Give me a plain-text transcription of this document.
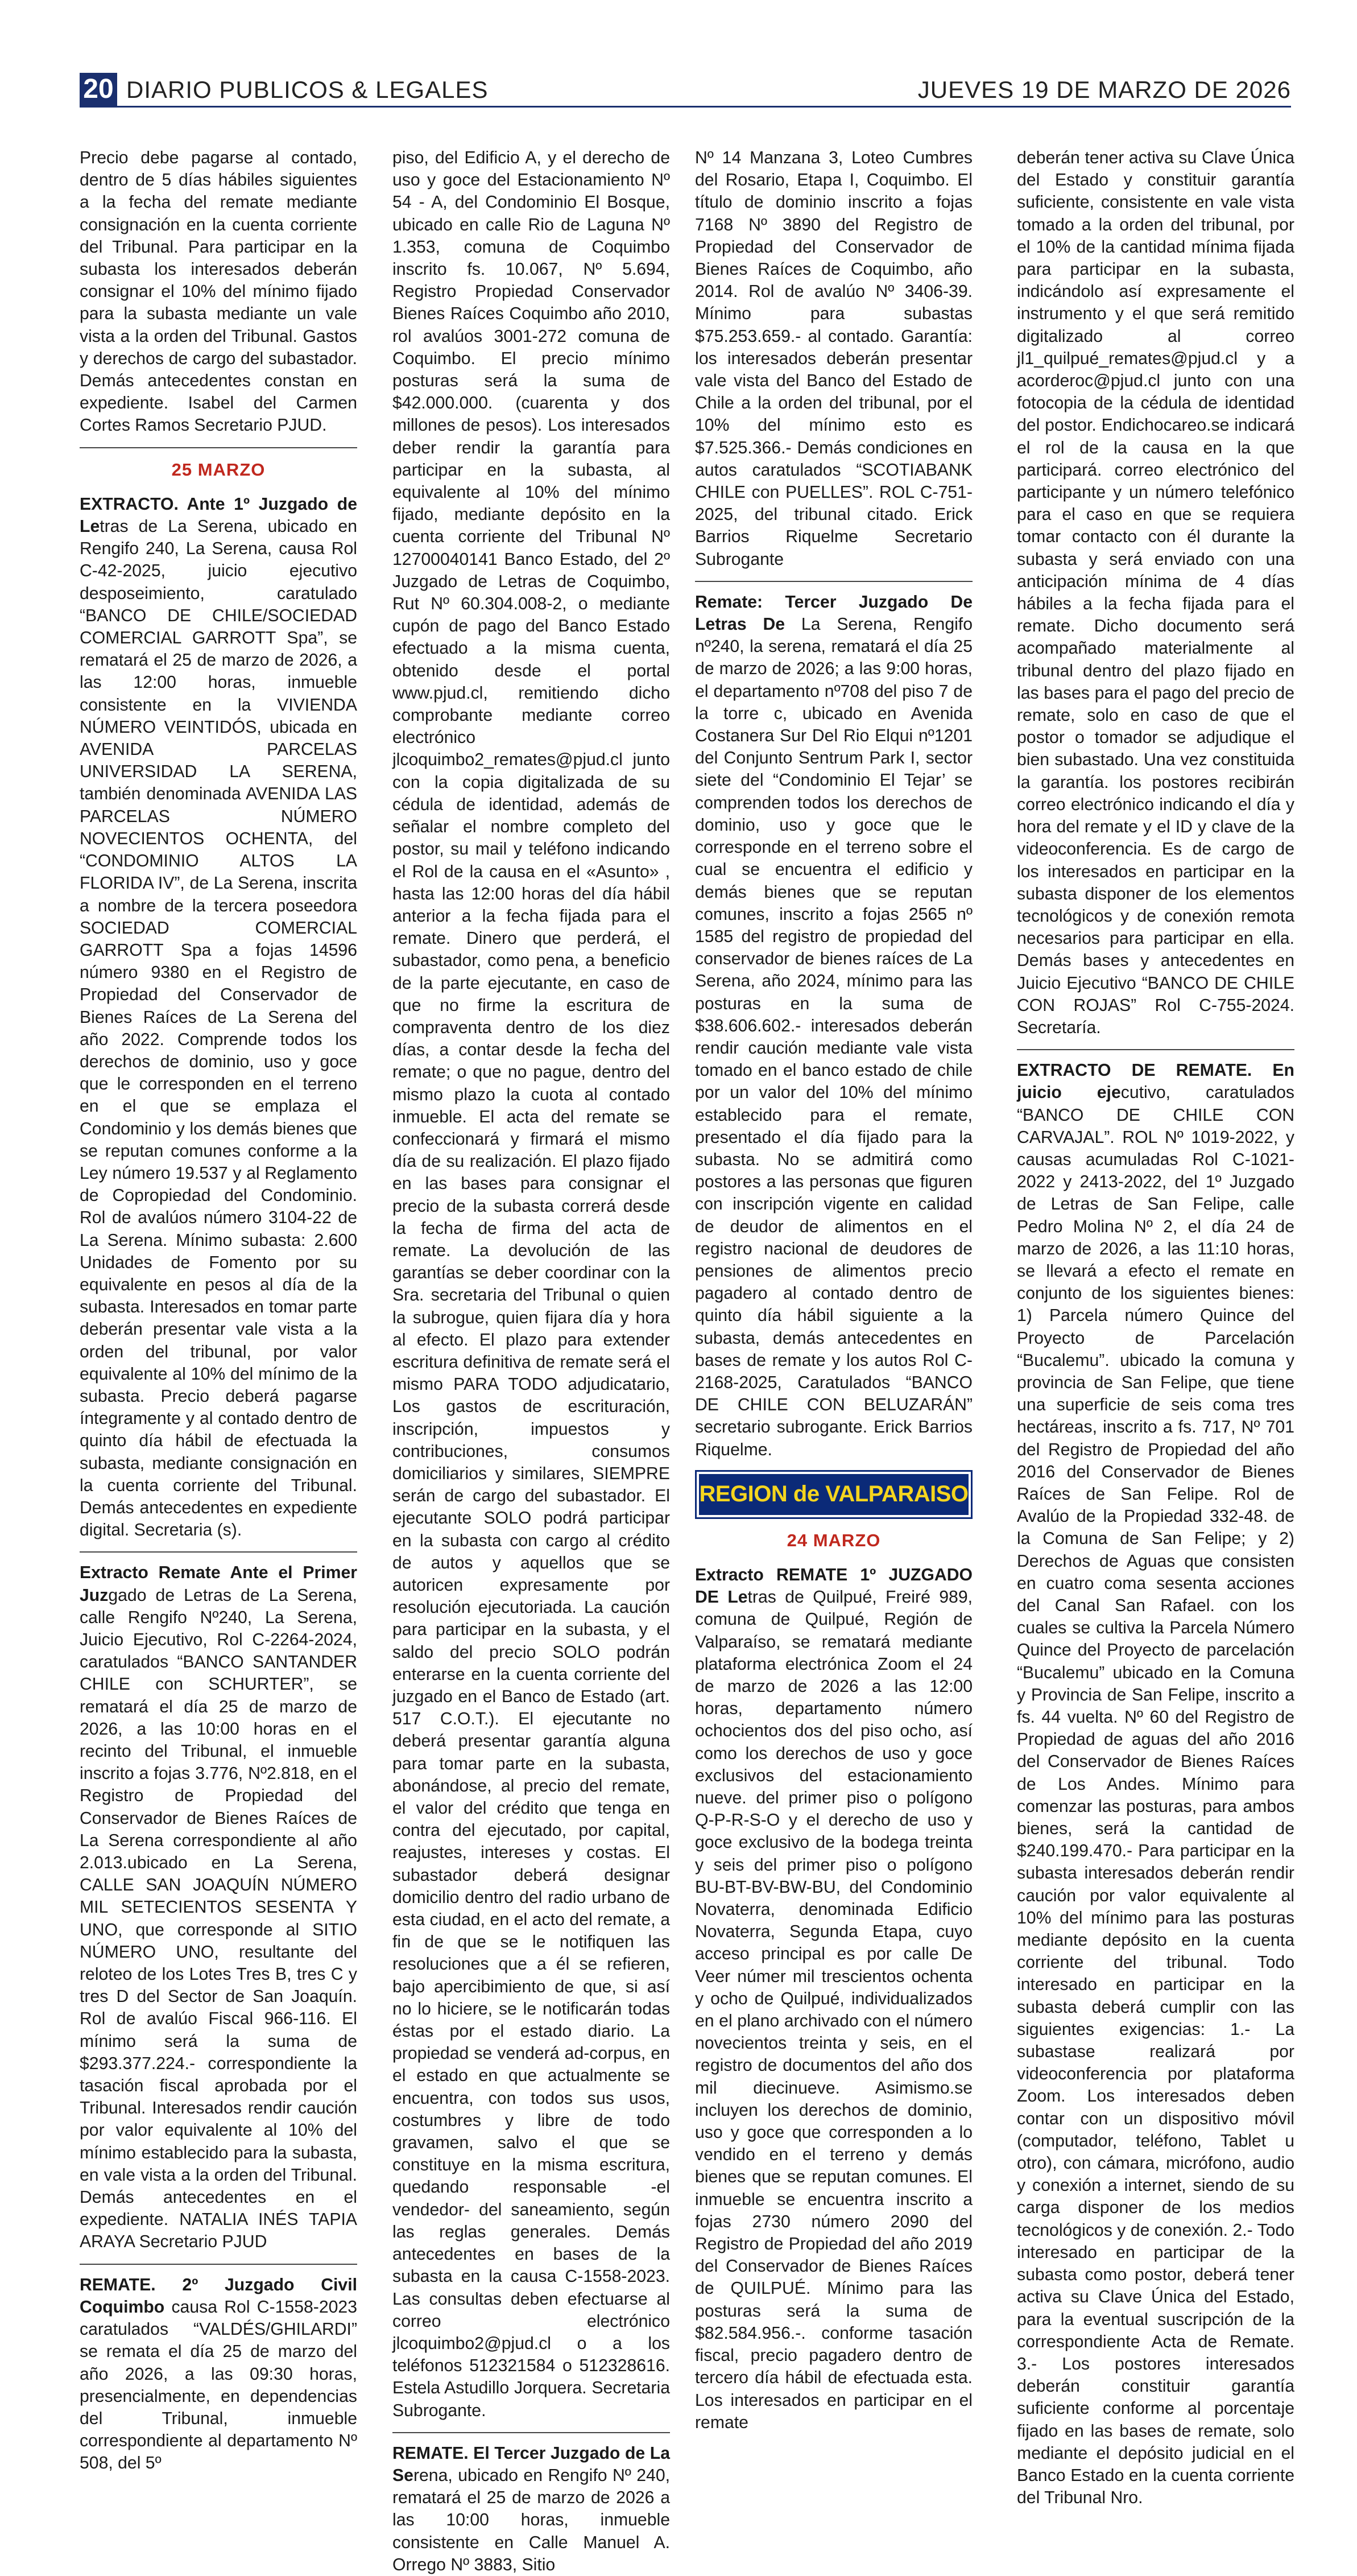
20 DIARIO PUBLICOS & LEGALES	JUEVES 19 DE MARZO DE 2026

Precio debe pagarse al contado, dentro de 5 días hábiles siguientes a la fecha del remate mediante consignación en la cuenta corriente del Tribunal. Para participar en la subasta los interesados deberán consignar el 10% del mínimo fijado para la subasta mediante un vale vista a la orden del Tribunal. Gastos y derechos de cargo del subastador. Demás antecedentes constan en expediente. Isabel del Carmen Cortes Ramos Secretario PJUD.

25 MARZO

EXTRACTO. Ante 1º Juzgado de Letras de La Serena, ubicado en Rengifo 240, La Serena, causa Rol C-42-2025, juicio ejecutivo desposeimiento, caratulado “BANCO DE CHILE/SOCIEDAD COMERCIAL GARROTT Spa”, se rematará el 25 de marzo de 2026, a las 12:00 horas, inmueble consistente en la VIVIENDA NÚMERO VEINTIDÓS, ubicada en AVENIDA PARCELAS UNIVERSIDAD LA SERENA, también denominada AVENIDA LAS PARCELAS NÚMERO NOVECIENTOS OCHENTA, del “CONDOMINIO ALTOS LA FLORIDA IV”, de La Serena, inscrita a nombre de la tercera poseedora SOCIEDAD COMERCIAL GARROTT Spa a fojas 14596 número 9380 en el Registro de Propiedad del Conservador de Bienes Raíces de La Serena del año 2022. Comprende todos los derechos de dominio, uso y goce que le corresponden en el terreno en el que se emplaza el Condominio y los demás bienes que se reputan comunes conforme a la Ley número 19.537 y al Reglamento de Copropiedad del Condominio. Rol de avalúos número 3104-22 de La Serena. Mínimo subasta: 2.600 Unidades de Fomento por su equivalente en pesos al día de la subasta. Interesados en tomar parte deberán presentar vale vista a la orden del tribunal, por valor equivalente al 10% del mínimo de la subasta. Precio deberá pagarse íntegramente y al contado dentro de quinto día hábil de efectuada la subasta, mediante consignación en la cuenta corriente del Tribunal. Demás antecedentes en expediente digital. Secretaria (s).

Extracto Remate Ante el Primer Juzgado de Letras de La Serena, calle Rengifo Nº240, La Serena, Juicio Ejecutivo, Rol C-2264-2024, caratulados “BANCO SANTANDER CHILE con SCHURTER”, se rematará el día 25 de marzo de 2026, a las 10:00 horas en el recinto del Tribunal, el inmueble inscrito a fojas 3.776, Nº2.818, en el Registro de Propiedad del Conservador de Bienes Raíces de La Serena correspondiente al año 2.013.ubicado en La Serena, CALLE SAN JOAQUÍN NÚMERO MIL SETECIENTOS SESENTA Y UNO, que corresponde al SITIO NÚMERO UNO, resultante del reloteo de los Lotes Tres B, tres C y tres D del Sector de San Joaquín. Rol de avalúo Fiscal 966-116. El mínimo será la suma de $293.377.224.- correspondiente la tasación fiscal aprobada por el Tribunal. Interesados rendir caución por valor equivalente al 10% del mínimo establecido para la subasta, en vale vista a la orden del Tribunal. Demás antecedentes en el expediente. NATALIA INÉS TAPIA ARAYA Secretario PJUD

REMATE. 2º Juzgado Civil Coquimbo causa Rol C-1558-2023 caratulados “VALDÉS/GHILARDI” se remata el día 25 de marzo del año 2026, a las 09:30 horas, presencialmente, en dependencias del Tribunal, inmueble correspondiente al departamento Nº 508, del 5º

piso, del Edificio A, y el derecho de uso y goce del Estacionamiento Nº 54 - A, del Condominio El Bosque, ubicado en calle Rio de Laguna Nº 1.353, comuna de Coquimbo inscrito fs. 10.067, Nº 5.694, Registro Propiedad Conservador Bienes Raíces Coquimbo año 2010, rol avalúos 3001-272 comuna de Coquimbo. El precio mínimo posturas será la suma de $42.000.000. (cuarenta y dos millones de pesos). Los interesados deber rendir la garantía para participar en la subasta, al equivalente al 10% del mínimo fijado, mediante depósito en la cuenta corriente del Tribunal Nº 12700040141 Banco Estado, del 2º Juzgado de Letras de Coquimbo, Rut Nº 60.304.008-2, o mediante cupón de pago del Banco Estado efectuado a la misma cuenta, obtenido desde el portal www.pjud.cl, remitiendo dicho comprobante mediante correo electrónico jlcoquimbo2_remates@pjud.cl junto con la copia digitalizada de su cédula de identidad, además de señalar el nombre completo del postor, su mail y teléfono indicando el Rol de la causa en el «Asunto» , hasta las 12:00 horas del día hábil anterior a la fecha fijada para el remate. Dinero que perderá, el subastador, como pena, a beneficio de la parte ejecutante, en caso de que no firme la escritura de compraventa dentro de los diez días, a contar desde la fecha del remate; o que no pague, dentro del mismo plazo la cuota al contado inmueble. El acta del remate se confeccionará y firmará el mismo día de su realización. El plazo fijado en las bases para consignar el precio de la subasta correrá desde la fecha de firma del acta de remate. La devolución de las garantías se deber coordinar con la Sra. secretaria del Tribunal o quien la subrogue, quien fijara día y hora al efecto. El plazo para extender escritura definitiva de remate será el mismo PARA TODO adjudicatario, Los gastos de escrituración, inscripción, impuestos y contribuciones, consumos domiciliarios y similares, SIEMPRE serán de cargo del subastador. El ejecutante SOLO podrá participar en la subasta con cargo al crédito de autos y aquellos que se autoricen expresamente por resolución ejecutoriada. La caución para participar en la subasta, y el saldo del precio SOLO podrán enterarse en la cuenta corriente del juzgado en el Banco de Estado (art. 517 C.O.T.). El ejecutante no deberá presentar garantía alguna para tomar parte en la subasta, abonándose, al precio del remate, el valor del crédito que tenga en contra del ejecutado, por capital, reajustes, intereses y costas. El subastador deberá designar domicilio dentro del radio urbano de esta ciudad, en el acto del remate, a fin de que se le notifiquen las resoluciones que a él se refieren, bajo apercibimiento de que, si así no lo hiciere, se le notificarán todas éstas por el estado diario. La propiedad se venderá ad-corpus, en el estado en que actualmente se encuentra, con todos sus usos, costumbres y libre de todo gravamen, salvo el que se constituye en la misma escritura, quedando responsable -el vendedor- del saneamiento, según las reglas generales. Demás antecedentes en bases de la subasta en la causa C-1558-2023. Las consultas deben efectuarse al correo electrónico jlcoquimbo2@pjud.cl o a los teléfonos 512321584 o 512328616. Estela Astudillo Jorquera. Secretaria Subrogante.

REMATE. El Tercer Juzgado de La Serena, ubicado en Rengifo Nº 240, rematará el 25 de marzo de 2026 a las 10:00 horas, inmueble consistente en Calle Manuel A. Orrego Nº 3883, Sitio

Nº 14 Manzana 3, Loteo Cumbres del Rosario, Etapa I, Coquimbo. El título de dominio inscrito a fojas 7168 Nº 3890 del Registro de Propiedad del Conservador de Bienes Raíces de Coquimbo, año 2014. Rol de avalúo Nº 3406-39. Mínimo para subastas $75.253.659.- al contado. Garantía: los interesados deberán presentar vale vista del Banco del Estado de Chile a la orden del tribunal, por el 10% del mínimo esto es $7.525.366.- Demás condiciones en autos caratulados “SCOTIABANK CHILE con PUELLES”. ROL C-751-2025, del tribunal citado. Erick Barrios Riquelme Secretario Subrogante

Remate: Tercer Juzgado De Letras De La Serena, Rengifo nº240, la serena, rematará el día 25 de marzo de 2026; a las 9:00 horas, el departamento nº708 del piso 7 de la torre c, ubicado en Avenida Costanera Sur Del Rio Elqui nº1201 del Conjunto Sentrum Park I, sector siete del “Condominio El Tejar’ se comprenden todos los derechos de dominio, uso y goce que le corresponde en el terreno sobre el cual se encuentra el edificio y demás bienes que se reputan comunes, inscrito a fojas 2565 nº 1585 del registro de propiedad del conservador de bienes raíces de La Serena, año 2024, mínimo para las posturas en la suma de $38.606.602.- interesados deberán rendir caución mediante vale vista tomado en el banco estado de chile por un valor del 10% del mínimo establecido para el remate, presentado el día fijado para la subasta. No se admitirá como postores a las personas que figuren con inscripción vigente en calidad de deudor de alimentos en el registro nacional de deudores de pensiones de alimentos precio pagadero al contado dentro de quinto día hábil siguiente a la subasta, demás antecedentes en bases de remate y los autos Rol C-2168-2025, Caratulados “BANCO DE CHILE CON BELUZARÁN” secretario subrogante. Erick Barrios Riquelme.

REGION de VALPARAISO
24 MARZO

Extracto REMATE 1º JUZGADO DE Letras de Quilpué, Freiré 989, comuna de Quilpué, Región de Valparaíso, se rematará mediante plataforma electrónica Zoom el 24 de marzo de 2026 a las 12:00 horas, departamento número ochocientos dos del piso ocho, así como los derechos de uso y goce exclusivos del estacionamiento nueve. del primer piso o polígono Q-P-R-S-O y el derecho de uso y goce exclusivo de la bodega treinta y seis del primer piso o polígono BU-BT-BV-BW-BU, del Condominio Novaterra, denominada Edificio Novaterra, Segunda Etapa, cuyo acceso principal es por calle De Veer númer mil trescientos ochenta y ocho de Quilpué, individualizados en el plano archivado con el número novecientos treinta y seis, en el registro de documentos del año dos mil diecinueve. Asimismo.se incluyen los derechos de dominio, uso y goce que corresponden a lo vendido en el terreno y demás bienes que se reputan comunes. El inmueble se encuentra inscrito a fojas 2730 número 2090 del Registro de Propiedad del año 2019 del Conservador de Bienes Raíces de QUILPUÉ. Mínimo para las posturas será la suma de $82.584.956.-. conforme tasación fiscal, precio pagadero dentro de tercero día hábil de efectuada esta. Los interesados en participar en el remate

deberán tener activa su Clave Única del Estado y constituir garantía suficiente, consistente en vale vista tomado a la orden del tribunal, por el 10% de la cantidad mínima fijada para participar en la subasta, indicándolo así expresamente el instrumento y el que será remitido digitalizado al correo jl1_quilpué_remates@pjud.cl y a acorderoc@pjud.cl junto con una fotocopia de la cédula de identidad del postor. Endichocareo.se indicará el rol de la causa en la que participará. correo electrónico del participante y un número telefónico para el caso en que se requiera tomar contacto con él durante la subasta y será enviado con una anticipación mínima de 4 días hábiles a la fecha fijada para el remate. Dicho documento será acompañado materialmente al tribunal dentro del plazo fijado en las bases para el pago del precio de remate, solo en caso de que el postor o tomador se adjudique el bien subastado. Una vez constituida la garantía. los postores recibirán correo electrónico indicando el día y hora del remate y el ID y clave de la videoconferencia. Es de cargo de los interesados en participar en la subasta disponer de los elementos tecnológicos y de conexión remota necesarios para participar en ella. Demás bases y antecedentes en Juicio Ejecutivo “BANCO DE CHILE CON ROJAS” Rol C-755-2024. Secretaría.

EXTRACTO DE REMATE. En juicio ejecutivo, caratulados “BANCO DE CHILE CON CARVAJAL”. ROL Nº 1019-2022, y causas acumuladas Rol C-1021-2022 y 2413-2022, del 1º Juzgado de Letras de San Felipe, calle Pedro Molina Nº 2, el día 24 de marzo de 2026, a las 11:10 horas, se llevará a efecto el remate en conjunto de los siguientes bienes: 1) Parcela número Quince del Proyecto de Parcelación “Bucalemu”. ubicado la comuna y provincia de San Felipe, que tiene una superficie de seis coma tres hectáreas, inscrito a fs. 717, Nº 701 del Registro de Propiedad del año 2016 del Conservador de Bienes Raíces de San Felipe. Rol de Avalúo de la Propiedad 332-48. de la Comuna de San Felipe; y 2) Derechos de Aguas que consisten en cuatro coma sesenta acciones del Canal San Rafael. con los cuales se cultiva la Parcela Número Quince del Proyecto de parcelación “Bucalemu” ubicado en la Comuna y Provincia de San Felipe, inscrito a fs. 44 vuelta. Nº 60 del Registro de Propiedad de aguas del año 2016 del Conservador de Bienes Raíces de Los Andes. Mínimo para comenzar las posturas, para ambos bienes, será la cantidad de $240.199.470.- Para participar en la subasta interesados deberán rendir caución por valor equivalente al 10% del mínimo para las posturas mediante depósito en la cuenta corriente del tribunal. Todo interesado en participar en la subasta deberá cumplir con las siguientes exigencias: 1.- La subastase realizará por videoconferencia por plataforma Zoom. Los interesados deben contar con un dispositivo móvil (computador, teléfono, Tablet u otro), con cámara, micrófono, audio y conexión a internet, siendo de su carga disponer de los medios tecnológicos y de conexión. 2.- Todo interesado en participar de la subasta como postor, deberá tener activa su Clave Única del Estado, para la eventual suscripción de la correspondiente Acta de Remate. 3.- Los postores interesados deberán constituir garantía suficiente conforme al porcentaje fijado en las bases de remate, solo mediante el depósito judicial en el Banco Estado en la cuenta corriente del Tribunal Nro.
